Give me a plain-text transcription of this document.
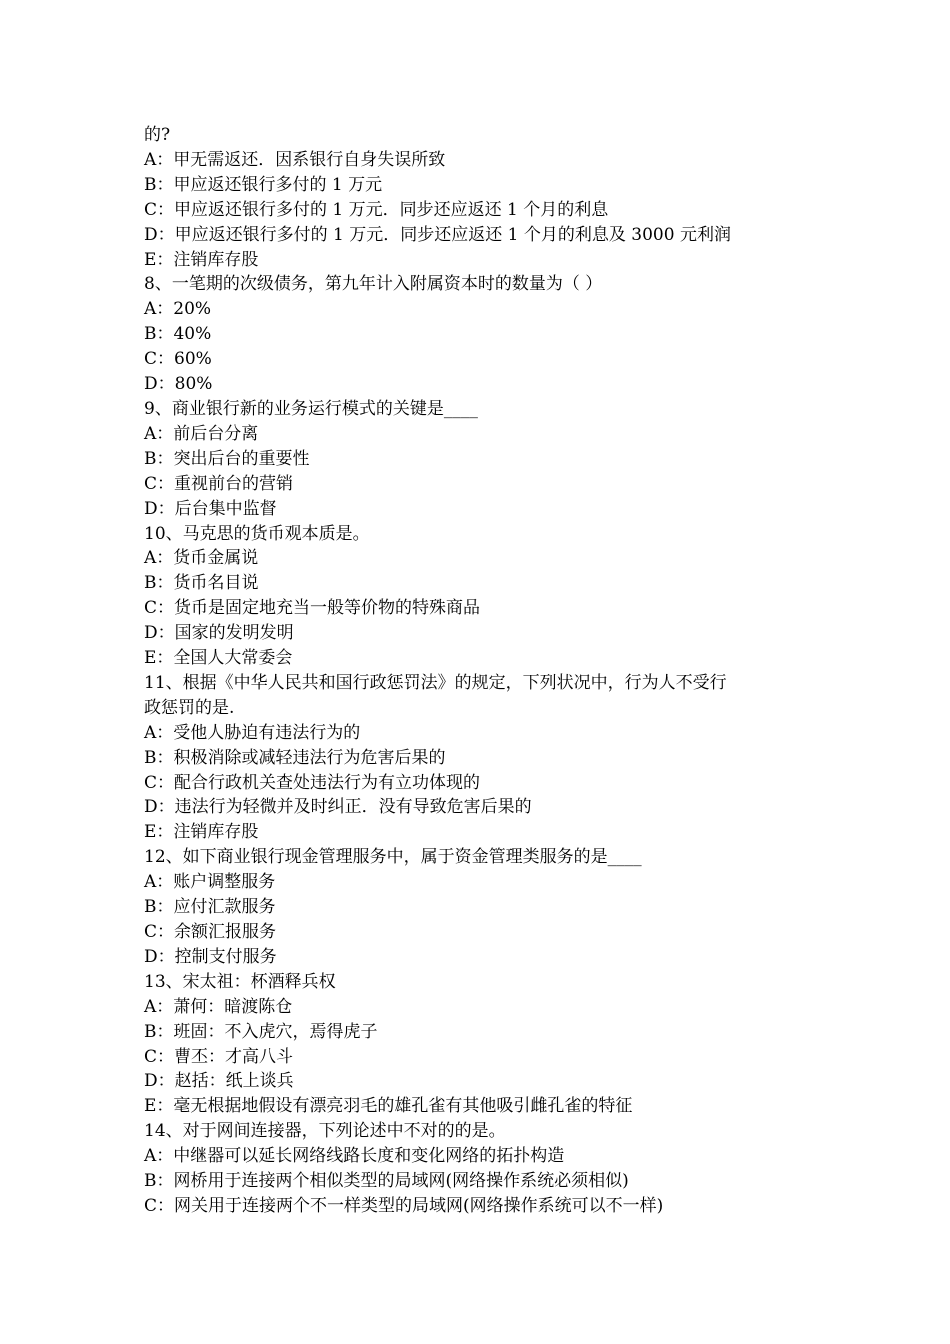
的?
A：甲无需返还．因系银行自身失误所致
B：甲应返还银行多付的 1 万元
C：甲应返还银行多付的 1 万元．同步还应返还 1 个月的利息
D：甲应返还银行多付的 1 万元．同步还应返还 1 个月的利息及 3000 元利润
E：注销库存股
8、一笔期的次级债务，第九年计入附属资本时的数量为（ ）
A：20%
B：40%
C：60%
D：80%
9、商业银行新的业务运行模式的关键是____
A：前后台分离
B：突出后台的重要性
C：重视前台的营销
D：后台集中监督
10、马克思的货币观本质是。
A：货币金属说
B：货币名目说
C：货币是固定地充当一般等价物的特殊商品
D：国家的发明发明
E：全国人大常委会
11、根据《中华人民共和国行政惩罚法》的规定，下列状况中，行为人不受行
政惩罚的是.
A：受他人胁迫有违法行为的
B：积极消除或减轻违法行为危害后果的
C：配合行政机关查处违法行为有立功体现的
D：违法行为轻微并及时纠正．没有导致危害后果的
E：注销库存股
12、如下商业银行现金管理服务中，属于资金管理类服务的是____
A：账户调整服务
B：应付汇款服务
C：余额汇报服务
D：控制支付服务
13、宋太祖：杯酒释兵权
A：萧何：暗渡陈仓
B：班固：不入虎穴，焉得虎子
C：曹丕：才高八斗
D：赵括：纸上谈兵
E：毫无根据地假设有漂亮羽毛的雄孔雀有其他吸引雌孔雀的特征
14、对于网间连接器，下列论述中不对的的是。
A：中继器可以延长网络线路长度和变化网络的拓扑构造
B：网桥用于连接两个相似类型的局域网(网络操作系统必须相似)
C：网关用于连接两个不一样类型的局域网(网络操作系统可以不一样)
